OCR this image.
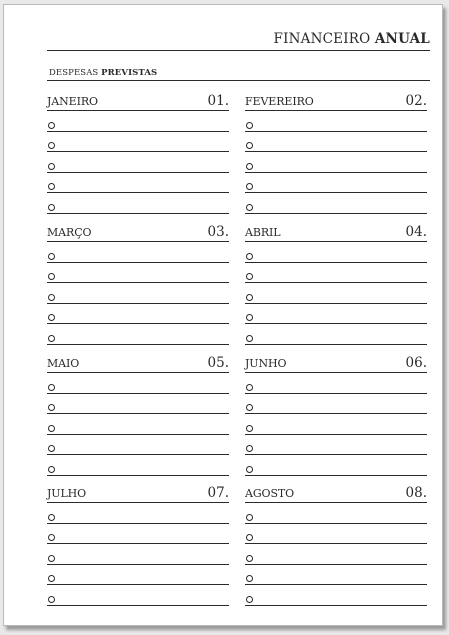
FINANCEIRO ANUAL
DESPESAS PREVISTAS
JANEIRO	01. FEVEREIRO	02.
MARÇO	03. ABRIL	04.
MAIO	05. JUNHO	06.
JULHO	07. AGOSTO	08.
